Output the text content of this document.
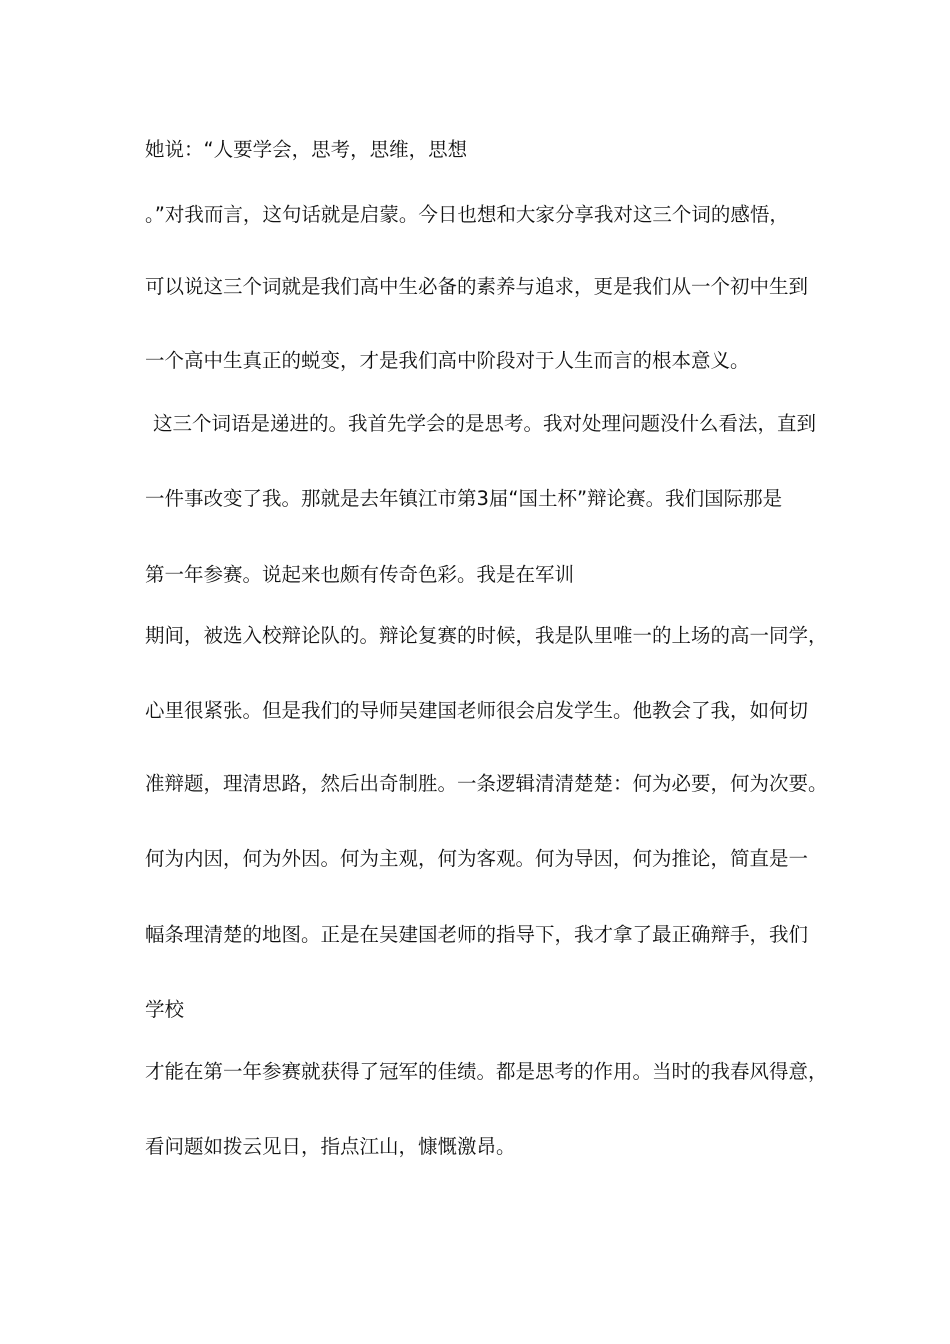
她说：“人要学会，思考，思维，思想
。”对我而言，这句话就是启蒙。今日也想和大家分享我对这三个词的感悟，
可以说这三个词就是我们高中生必备的素养与追求，更是我们从一个初中生到
一个高中生真正的蜕变，才是我们高中阶段对于人生而言的根本意义。
这三个词语是递进的。我首先学会的是思考。我对处理问题没什么看法，直到
一件事改变了我。那就是去年镇江市第3届“国土杯”辩论赛。我们国际那是
第一年参赛。说起来也颇有传奇色彩。我是在军训
期间，被选入校辩论队的。辩论复赛的时候，我是队里唯一的上场的高一同学，
心里很紧张。但是我们的导师吴建国老师很会启发学生。他教会了我，如何切
准辩题，理清思路，然后出奇制胜。一条逻辑清清楚楚：何为必要，何为次要。
何为内因，何为外因。何为主观，何为客观。何为导因，何为推论，简直是一
幅条理清楚的地图。正是在吴建国老师的指导下，我才拿了最正确辩手，我们
学校
才能在第一年参赛就获得了冠军的佳绩。都是思考的作用。当时的我春风得意，
看问题如拨云见日，指点江山，慷慨激昂。
